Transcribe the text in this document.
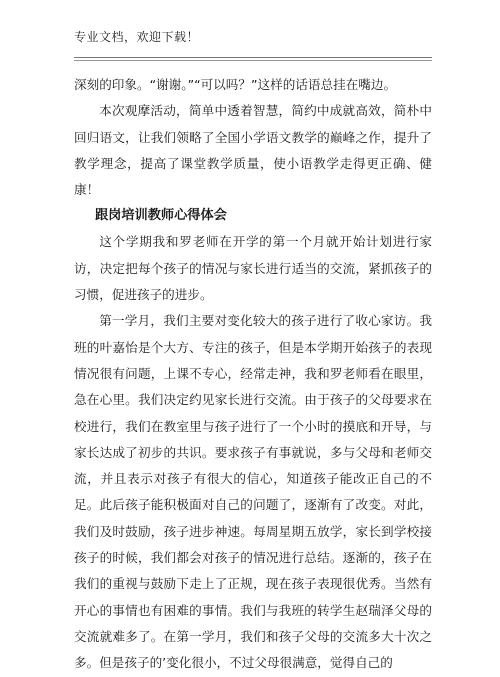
专业文档，欢迎下载！

深刻的印象。“谢谢。”“可以吗？”这样的话语总挂在嘴边。

本次观摩活动，简单中透着智慧，简约中成就高效，简朴中回归语文，让我们领略了全国小学语文教学的巅峰之作，提升了教学理念，提高了课堂教学质量，使小语教学走得更正确、健康！

跟岗培训教师心得体会

这个学期我和罗老师在开学的第一个月就开始计划进行家访，决定把每个孩子的情况与家长进行适当的交流，紧抓孩子的习惯，促进孩子的进步。

第一学月，我们主要对变化较大的孩子进行了收心家访。我班的叶嘉怡是个大方、专注的孩子，但是本学期开始孩子的表现情况很有问题，上课不专心，经常走神，我和罗老师看在眼里，急在心里。我们决定约见家长进行交流。由于孩子的父母要求在校进行，我们在教室里与孩子进行了一个小时的摸底和开导，与家长达成了初步的共识。要求孩子有事就说，多与父母和老师交流，并且表示对孩子有很大的信心，知道孩子能改正自己的不足。此后孩子能积极面对自己的问题了，逐渐有了改变。对此，我们及时鼓励，孩子进步神速。每周星期五放学，家长到学校接孩子的时候，我们都会对孩子的情况进行总结。逐渐的，孩子在我们的重视与鼓励下走上了正规，现在孩子表现很优秀。当然有开心的事情也有困难的事情。我们与我班的转学生赵瑞泽父母的交流就难多了。在第一学月，我们和孩子父母的交流多大十次之多。但是孩子的’变化很小，不过父母很满意，觉得自己的
